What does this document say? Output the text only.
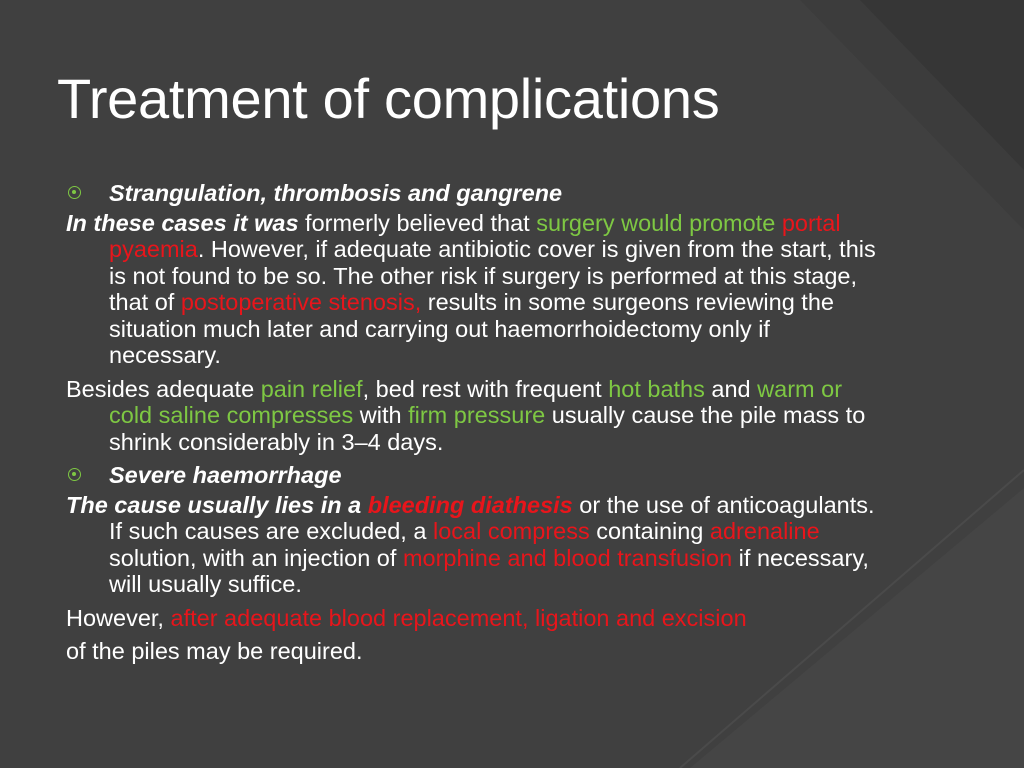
Treatment of complications
Strangulation, thrombosis and gangrene
In these cases it was formerly believed that surgery would promote portal pyaemia. However, if adequate antibiotic cover is given from the start, this is not found to be so. The other risk if surgery is performed at this stage, that of postoperative stenosis, results in some surgeons reviewing the situation much later and carrying out haemorrhoidectomy only if necessary.
Besides adequate pain relief, bed rest with frequent hot baths and warm or cold saline compresses with firm pressure usually cause the pile mass to shrink considerably in 3–4 days.
Severe haemorrhage
The cause usually lies in a bleeding diathesis or the use of anticoagulants. If such causes are excluded, a local compress containing adrenaline solution, with an injection of morphine and blood transfusion if necessary, will usually suffice.
However, after adequate blood replacement, ligation and excision
of the piles may be required.
